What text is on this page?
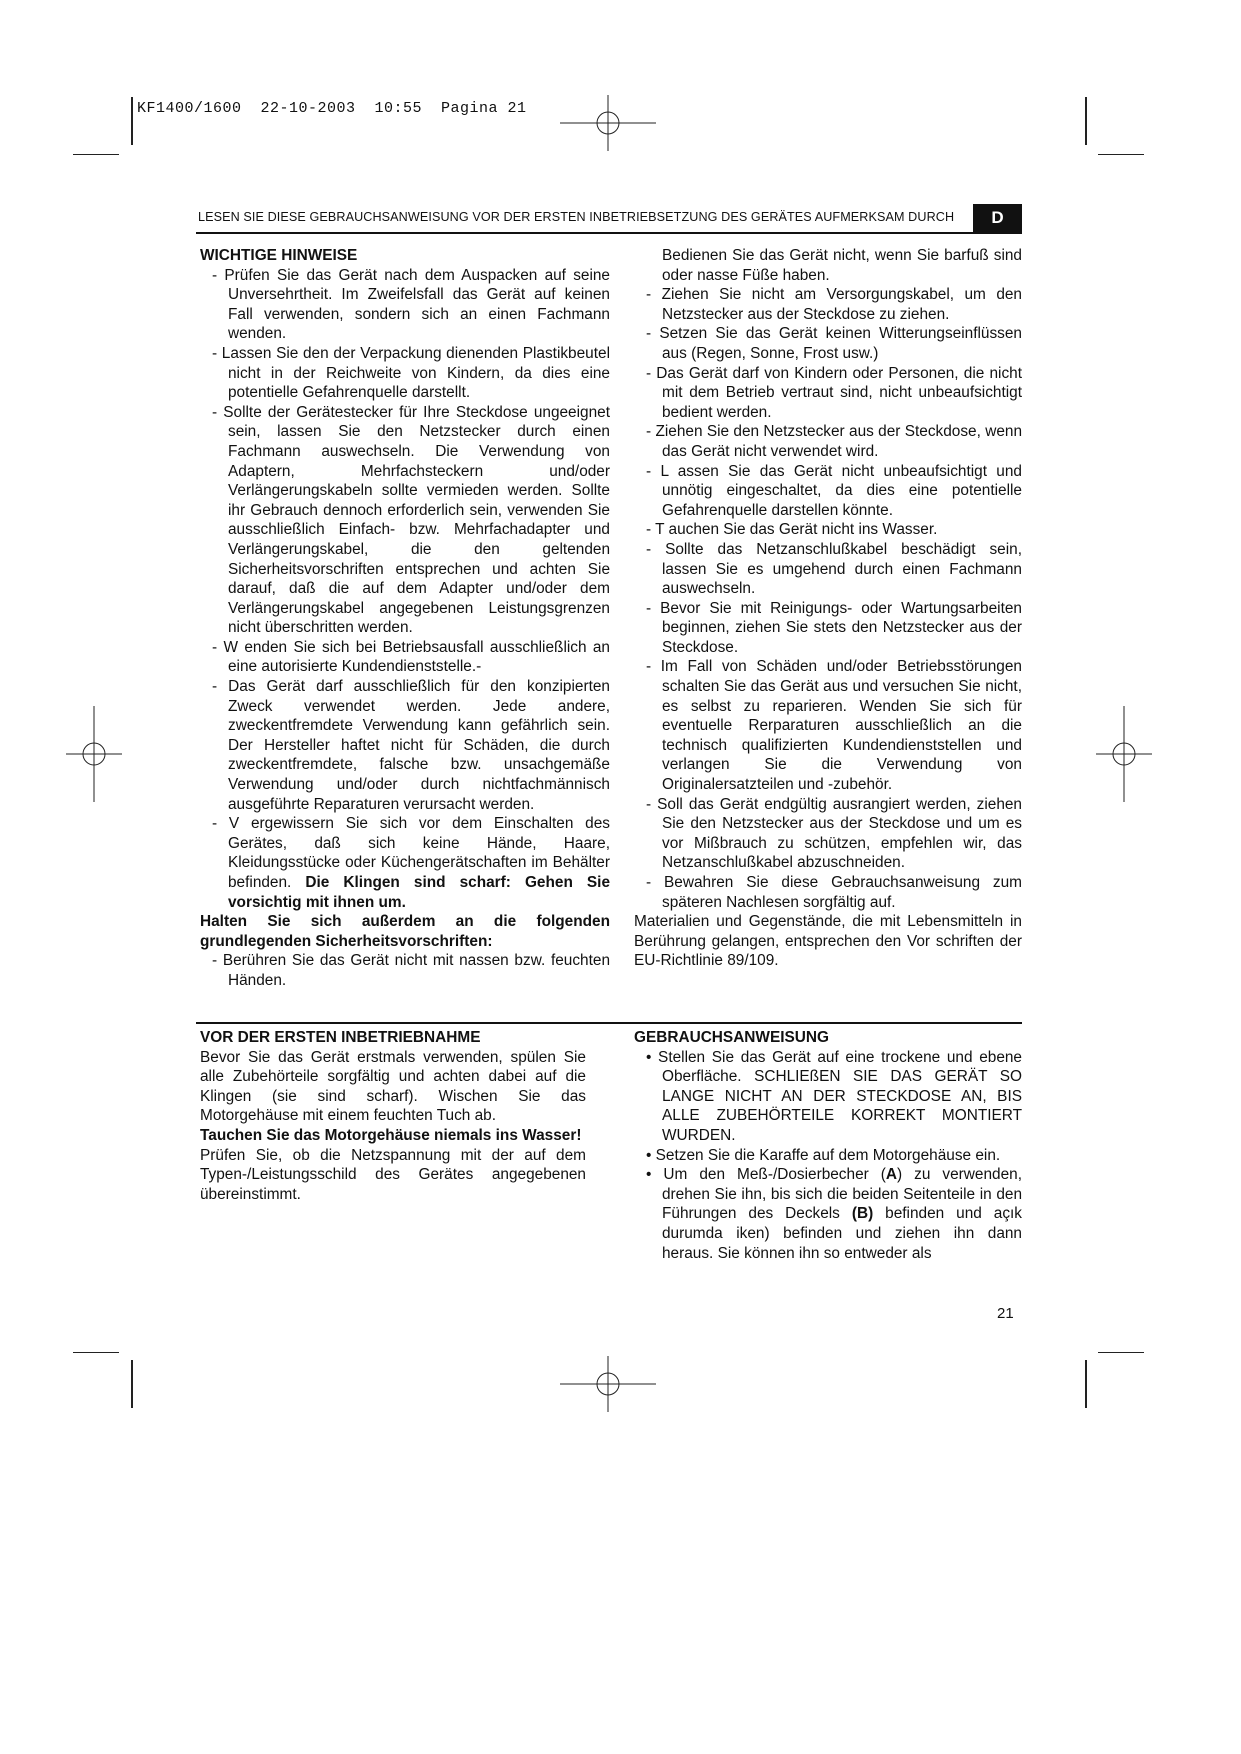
KF1400/1600  22-10-2003  10:55  Pagina 21
LESEN SIE DIESE GEBRAUCHSANWEISUNG VOR DER ERSTEN INBETRIEBSETZUNG DES GERÄTES AUFMERKSAM DURCH	D

WICHTIGE HINWEISE

- Prüfen Sie das Gerät nach dem Auspacken auf seine Unversehrtheit. Im Zweifelsfall das Gerät auf keinen Fall verwenden, sondern sich an einen Fachmann wenden.

- Lassen Sie den der Verpackung dienenden Plastikbeutel nicht in der Reichweite von Kindern, da dies eine potentielle Gefahrenquelle darstellt.

- Sollte der Gerätestecker für Ihre Steckdose ungeeignet sein, lassen Sie den Netzstecker durch einen Fachmann auswechseln. Die Verwendung von Adaptern, Mehrfachsteckern und/oder Verlängerungskabeln sollte vermieden werden. Sollte ihr Gebrauch dennoch erforderlich sein, verwenden Sie ausschließlich Einfach- bzw. Mehrfachadapter und Verlängerungskabel, die den geltenden Sicherheitsvorschriften entsprechen und achten Sie darauf, daß die auf dem Adapter und/oder dem Verlängerungskabel angegebenen Leistungsgrenzen nicht überschritten werden.

- W enden Sie sich bei Betriebsausfall ausschließlich an eine autorisierte Kundendienststelle.-

- Das Gerät darf ausschließlich für den konzipierten Zweck verwendet werden. Jede andere, zweckentfremdete Verwendung kann gefährlich sein. Der Hersteller haftet nicht für Schäden, die durch zweckentfremdete, falsche bzw. unsachgemäße Verwendung und/oder durch nichtfachmännisch ausgeführte Reparaturen verursacht werden.

- V ergewissern Sie sich vor dem Einschalten des Gerätes, daß sich keine Hände, Haare, Kleidungsstücke oder Küchengerätschaften im Behälter befinden. Die Klingen sind scharf: Gehen Sie vorsichtig mit ihnen um.

Halten Sie sich außerdem an die folgenden grundlegenden Sicherheitsvorschriften:

- Berühren Sie das Gerät nicht mit nassen bzw. feuchten Händen.

Bedienen Sie das Gerät nicht, wenn Sie barfuß sind oder nasse Füße haben.

- Ziehen Sie nicht am Versorgungskabel, um den Netzstecker aus der Steckdose zu ziehen.

- Setzen Sie das Gerät keinen Witterungseinflüssen aus (Regen, Sonne, Frost usw.)

- Das Gerät darf von Kindern oder Personen, die nicht mit dem Betrieb vertraut sind, nicht unbeaufsichtigt bedient werden.

- Ziehen Sie den Netzstecker aus der Steckdose, wenn das Gerät nicht verwendet wird.

- L assen Sie das Gerät nicht unbeaufsichtigt und unnötig eingeschaltet, da dies eine potentielle Gefahrenquelle darstellen könnte.

- T auchen Sie das Gerät nicht ins Wasser.

- Sollte das Netzanschlußkabel beschädigt sein, lassen Sie es umgehend durch einen Fachmann auswechseln.

- Bevor Sie mit Reinigungs- oder Wartungsarbeiten beginnen, ziehen Sie stets den Netzstecker aus der Steckdose.

- Im Fall von Schäden und/oder Betriebsstörungen schalten Sie das Gerät aus und versuchen Sie nicht, es selbst zu reparieren. Wenden Sie sich für eventuelle Rerparaturen ausschließlich an die technisch qualifizierten Kundendienststellen und verlangen Sie die Verwendung von Originalersatzteilen und -zubehör.

- Soll das Gerät endgültig ausrangiert werden, ziehen Sie den Netzstecker aus der Steckdose und um es vor Mißbrauch zu schützen, empfehlen wir, das Netzanschlußkabel abzuschneiden.

- Bewahren Sie diese Gebrauchsanweisung zum späteren Nachlesen sorgfältig auf.

Materialien und Gegenstände, die mit Lebensmitteln in Berührung gelangen, entsprechen den Vor schriften der EU-Richtlinie 89/109.

VOR DER ERSTEN INBETRIEBNAHME

Bevor Sie das Gerät erstmals verwenden, spülen Sie alle Zubehörteile sorgfältig und achten dabei auf die Klingen (sie sind scharf). Wischen Sie das Motorgehäuse mit einem feuchten Tuch ab.

Tauchen Sie das Motorgehäuse niemals ins Wasser!

Prüfen Sie, ob die Netzspannung mit der auf dem Typen-/Leistungsschild des Gerätes angegebenen übereinstimmt.

GEBRAUCHSANWEISUNG

• Stellen Sie das Gerät auf eine trockene und ebene Oberfläche. SCHLIEßEN SIE DAS GERÄT SO LANGE NICHT AN DER STECKDOSE AN, BIS ALLE ZUBEHÖRTEILE KORREKT MONTIERT WURDEN.

• Setzen Sie die Karaffe auf dem Motorgehäuse ein.

• Um den Meß-/Dosierbecher (A) zu verwenden, drehen Sie ihn, bis sich die beiden Seitenteile in den Führungen des Deckels (B) befinden und açık durumda iken) befinden und ziehen ihn dann heraus. Sie können ihn so entweder als

21
